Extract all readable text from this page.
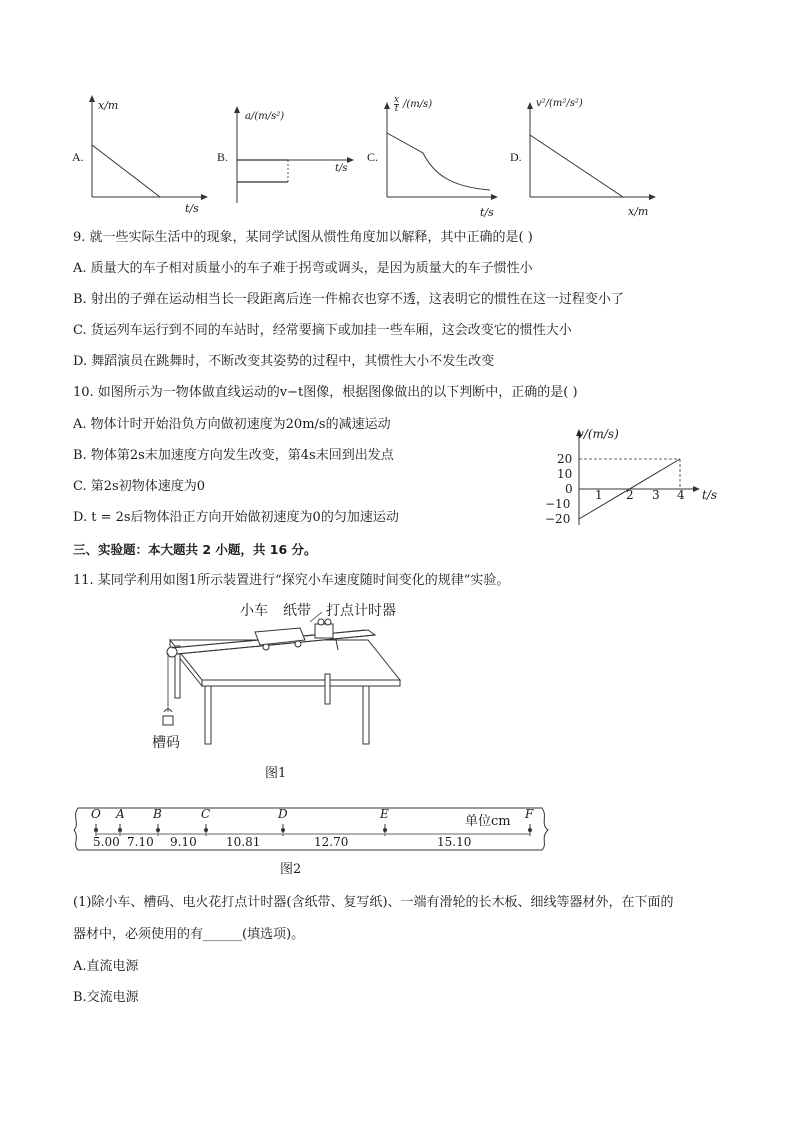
A.
x/m
t/s
B.
a/(m/s²)
t/s
C.
$\frac{x}{t} /(m/s)$
t/s
D.
v²/(m²/s²)
x/m
9. 就一些实际生活中的现象，某同学试图从惯性角度加以解释，其中正确的是( )
A. 质量大的车子相对质量小的车子难于拐弯或调头，是因为质量大的车子惯性小
B. 射出的子弹在运动相当长一段距离后连一件棉衣也穿不透，这表明它的惯性在这一过程变小了
C. 货运列车运行到不同的车站时，经常要摘下或加挂一些车厢，这会改变它的惯性大小
D. 舞蹈演员在跳舞时，不断改变其姿势的过程中，其惯性大小不发生改变
10. 如图所示为一物体做直线运动的v−t图像，根据图像做出的以下判断中，正确的是( )
A. 物体计时开始沿负方向做初速度为20m/s的减速运动
B. 物体第2s末加速度方向发生改变，第4s末回到出发点
C. 第2s初物体速度为0
D. t = 2s后物体沿正方向开始做初速度为0的匀加速运动
v/(m/s)
t/s
20
10
0
−10
−20
1 2 3 4
三、实验题：本大题共 2 小题，共 16 分。
11. 某同学利用如图1所示装置进行“探究小车速度随时间变化的规律”实验。
小车 纸带 打点计时器
槽码
图1
O A B	C	D	E	F
单位cm
5.00 7.10 9.10 10.81	12.70	15.10
图2
(1)除小车、槽码、电火花打点计时器(含纸带、复写纸)、一端有滑轮的长木板、细线等器材外，在下面的
器材中，必须使用的有______(填选项)。
A.直流电源
B.交流电源
